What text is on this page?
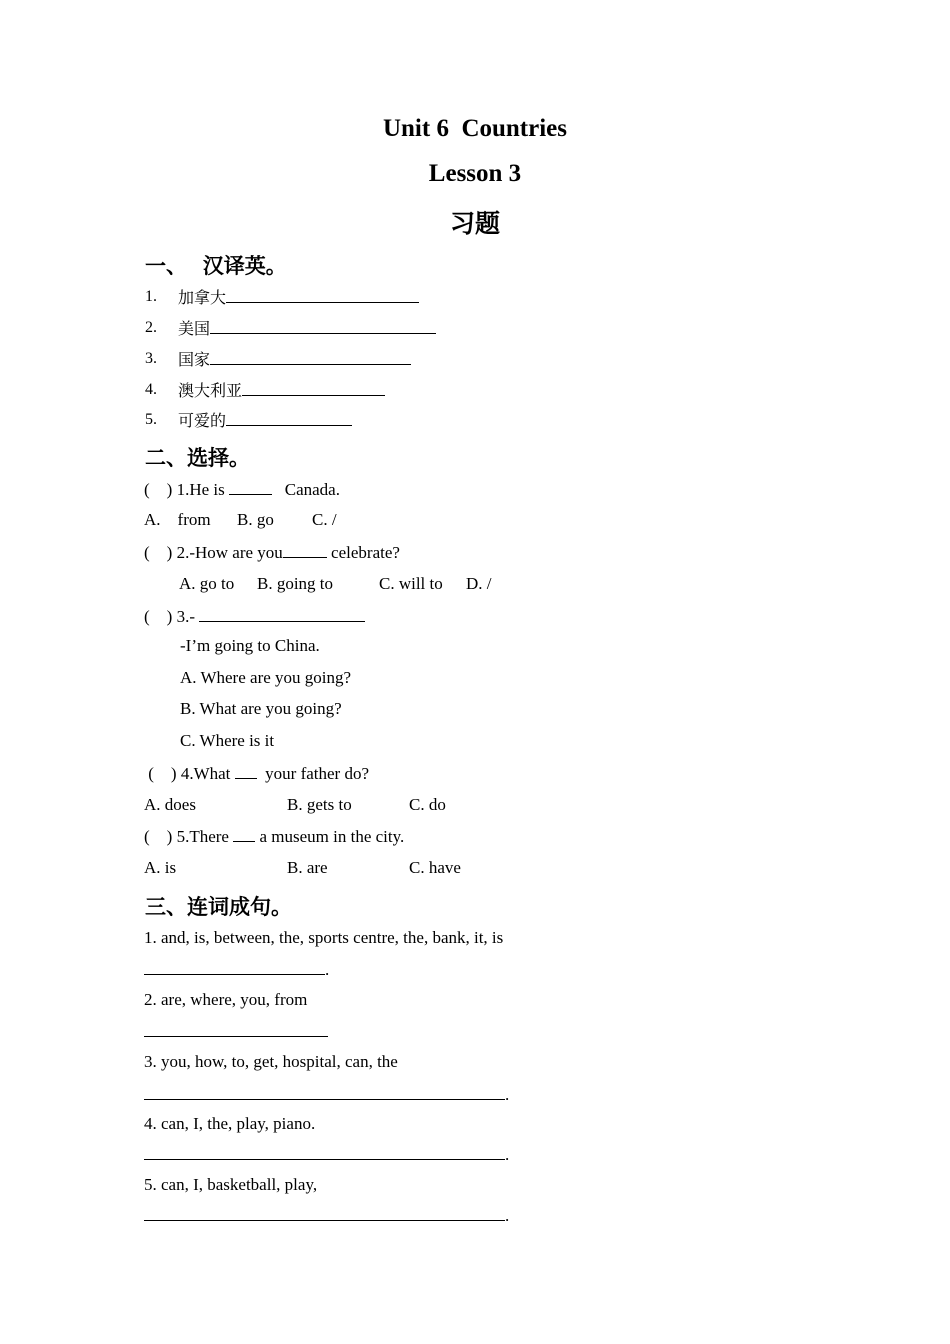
Unit 6  Countries
Lesson 3
习题
一、   汉译英。
1. 加拿大
2. 美国
3. 国家
4. 澳大利亚
5. 可爱的
二、选择。
(    ) 1.He is	Canada.
A.    from B. go C. /
(    ) 2.-How are you	celebrate?
A. go to B. going to	C. will to D. /
(    ) 3.-
-I’m going to China.
A. Where are you going?
B. What are you going?
C. Where is it
(    ) 4.What your father do?
A. does	B. gets to	C. do
(    ) 5.There a museum in the city.
A. is	B. are	C. have
三、连词成句。
1. and, is, between, the, sports centre, the, bank, it, is
.
2. are, where, you, from
3. you, how, to, get, hospital, can, the
.
4. can, I, the, play, piano.
.
5. can, I, basketball, play,
.
